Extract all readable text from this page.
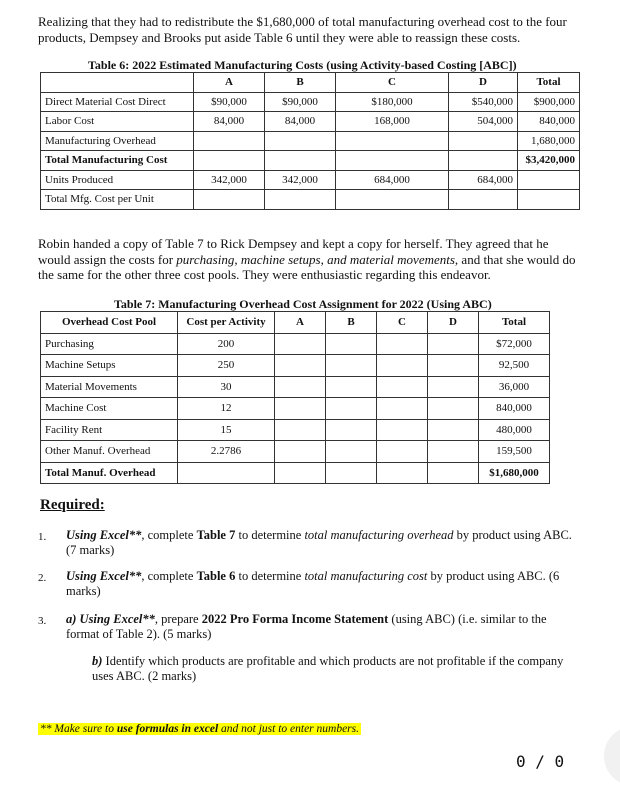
Realizing that they had to redistribute the $1,680,000 of total manufacturing overhead cost to the four products, Dempsey and Brooks put aside Table 6 until they were able to reassign these costs.
Table 6: 2022 Estimated Manufacturing Costs (using Activity-based Costing [ABC])
	A	B	C	D	Total
Direct Material Cost Direct	$90,000	$90,000	$180,000	$540,000	$900,000
Labor Cost	84,000	84,000	168,000	504,000	840,000
Manufacturing Overhead					1,680,000
Total Manufacturing Cost					$3,420,000
Units Produced	342,000	342,000	684,000	684,000	
Total Mfg. Cost per Unit					
Robin handed a copy of Table 7 to Rick Dempsey and kept a copy for herself. They agreed that he would assign the costs for purchasing, machine setups, and material movements, and that she would do the same for the other three cost pools. They were enthusiastic regarding this endeavor.
Table 7: Manufacturing Overhead Cost Assignment for 2022 (Using ABC)
Overhead Cost Pool	Cost per Activity	A	B	C	D	Total
Purchasing	200					$72,000
Machine Setups	250					92,500
Material Movements	30					36,000
Machine Cost	12					840,000
Facility Rent	15					480,000
Other Manuf. Overhead	2.2786					159,500
Total Manuf. Overhead						$1,680,000
Required:
1. Using Excel**, complete Table 7 to determine total manufacturing overhead by product using ABC. (7 marks)
2. Using Excel**, complete Table 6 to determine total manufacturing cost by product using ABC. (6 marks)
3. a) Using Excel**, prepare 2022 Pro Forma Income Statement (using ABC) (i.e. similar to the format of Table 2). (5 marks)
b) Identify which products are profitable and which products are not profitable if the company uses ABC. (2 marks)
** Make sure to use formulas in excel and not just to enter numbers.
0 / 0
